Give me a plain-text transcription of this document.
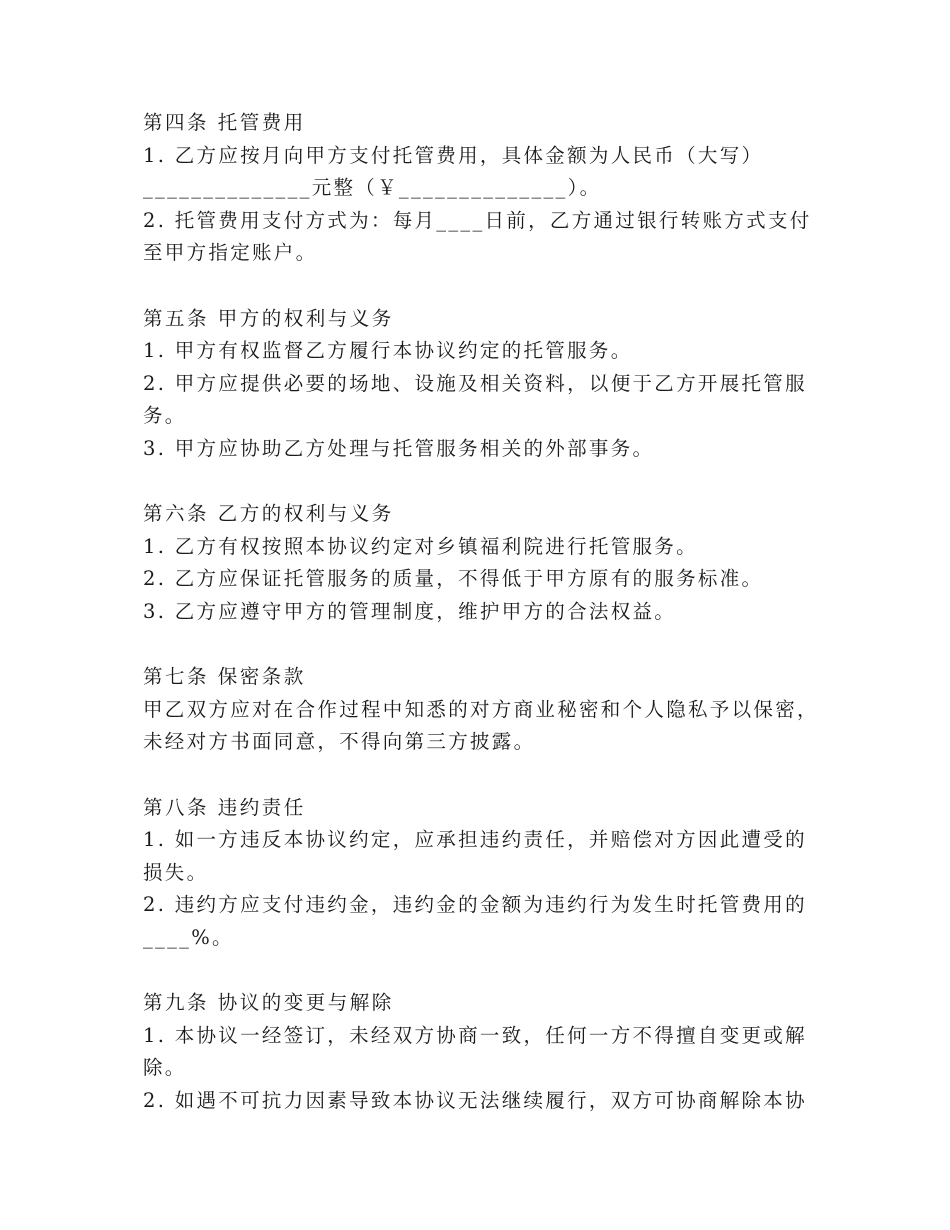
第四条 托管费用
1. 乙方应按月向甲方支付托管费用，具体金额为人民币（大写）
______________元整（￥______________）。
2. 托管费用支付方式为：每月____日前，乙方通过银行转账方式支付
至甲方指定账户。
第五条 甲方的权利与义务
1. 甲方有权监督乙方履行本协议约定的托管服务。
2. 甲方应提供必要的场地、设施及相关资料，以便于乙方开展托管服
务。
3. 甲方应协助乙方处理与托管服务相关的外部事务。
第六条 乙方的权利与义务
1. 乙方有权按照本协议约定对乡镇福利院进行托管服务。
2. 乙方应保证托管服务的质量，不得低于甲方原有的服务标准。
3. 乙方应遵守甲方的管理制度，维护甲方的合法权益。
第七条 保密条款
甲乙双方应对在合作过程中知悉的对方商业秘密和个人隐私予以保密，
未经对方书面同意，不得向第三方披露。
第八条 违约责任
1. 如一方违反本协议约定，应承担违约责任，并赔偿对方因此遭受的
损失。
2. 违约方应支付违约金，违约金的金额为违约行为发生时托管费用的
____%。
第九条 协议的变更与解除
1. 本协议一经签订，未经双方协商一致，任何一方不得擅自变更或解
除。
2. 如遇不可抗力因素导致本协议无法继续履行，双方可协商解除本协
